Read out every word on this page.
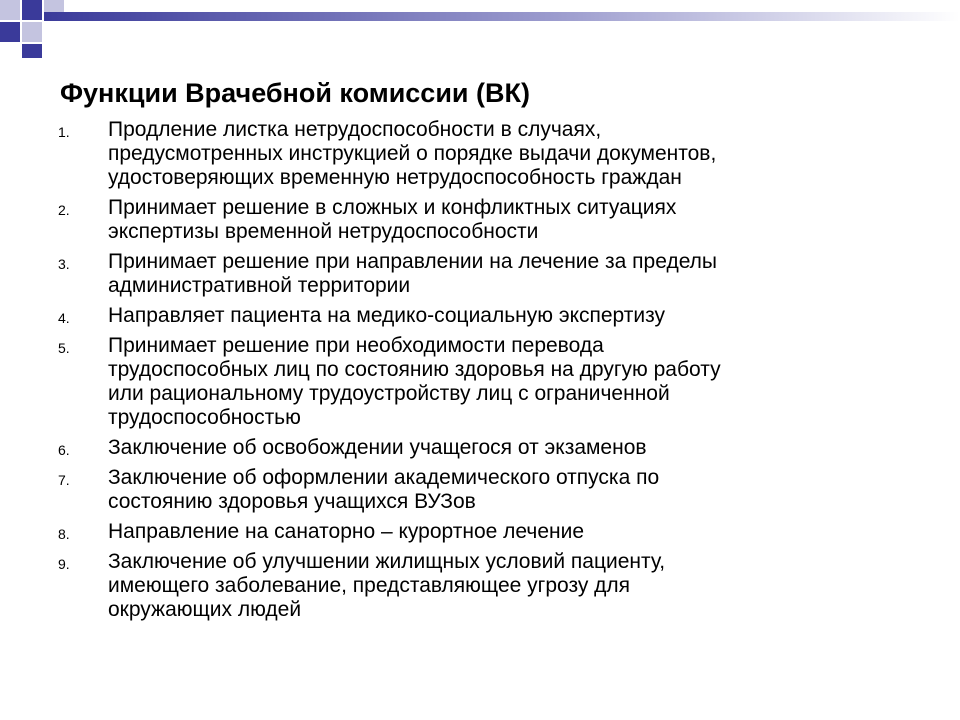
Функции Врачебной комиссии (ВК)
1.	Продление листка нетрудоспособности в случаях,
предусмотренных инструкцией о порядке выдачи документов,
удостоверяющих временную нетрудоспособность граждан
2.	Принимает решение в сложных и конфликтных ситуациях
экспертизы временной нетрудоспособности
3.	Принимает решение при направлении на лечение за пределы
административной территории
4.	Направляет пациента на медико-социальную экспертизу
5.	Принимает решение при необходимости перевода
трудоспособных лиц по состоянию здоровья на другую работу
или рациональному трудоустройству лиц с ограниченной
трудоспособностью
6.	Заключение об освобождении учащегося от экзаменов
7.	Заключение об оформлении академического отпуска по
состоянию здоровья учащихся ВУЗов
8.	Направление на санаторно – курортное лечение
9.	Заключение об улучшении жилищных условий пациенту,
имеющего заболевание, представляющее угрозу для
окружающих людей
